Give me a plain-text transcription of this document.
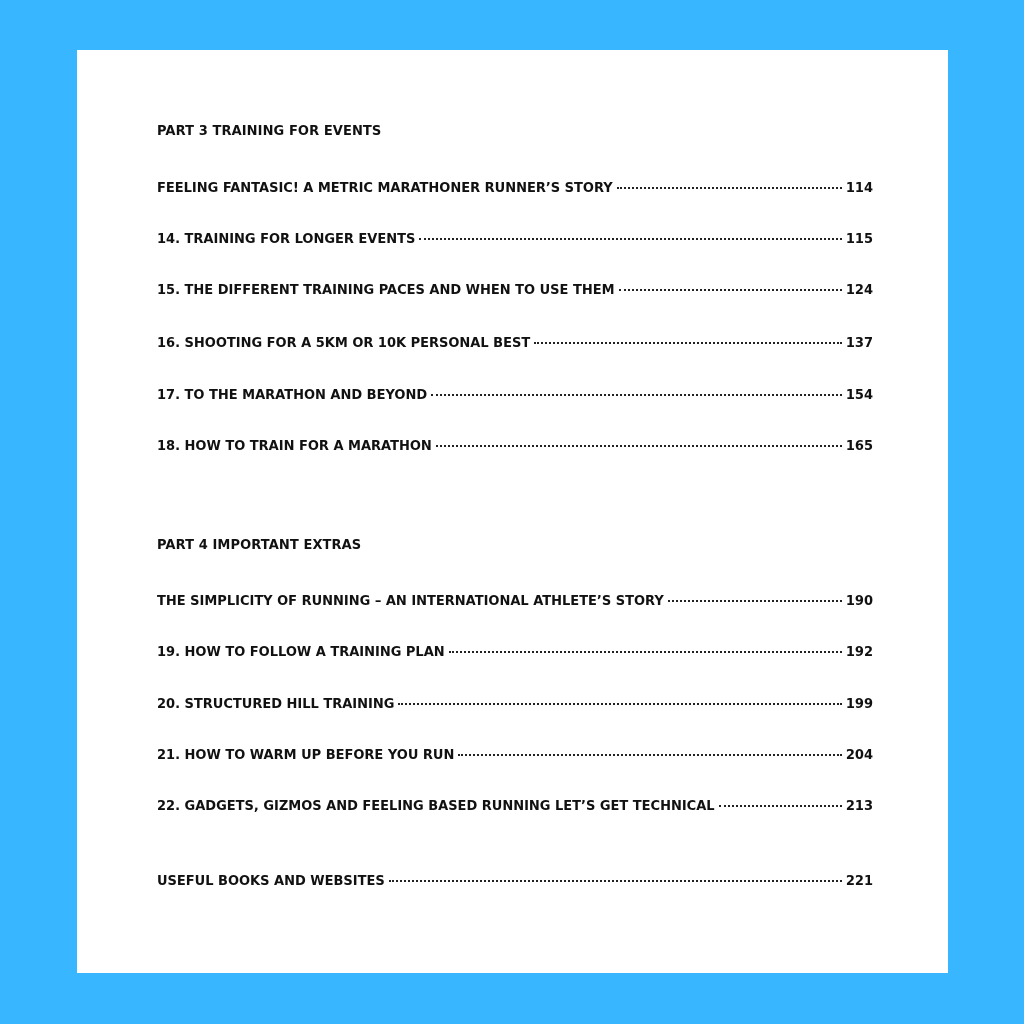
PART 3 TRAINING FOR EVENTS
FEELING FANTASIC! A METRIC MARATHONER RUNNER’S STORY	114
14. TRAINING FOR LONGER EVENTS	115
15. THE DIFFERENT TRAINING PACES AND WHEN TO USE THEM	124
16. SHOOTING FOR A 5KM OR 10K PERSONAL BEST	137
17. TO THE MARATHON AND BEYOND	154
18. HOW TO TRAIN FOR A MARATHON	165
PART 4 IMPORTANT EXTRAS
THE SIMPLICITY OF RUNNING – AN INTERNATIONAL ATHLETE’S STORY	190
19. HOW TO FOLLOW A TRAINING PLAN	192
20. STRUCTURED HILL TRAINING	199
21. HOW TO WARM UP BEFORE YOU RUN	204
22. GADGETS, GIZMOS AND FEELING BASED RUNNING LET’S GET TECHNICAL	213
USEFUL BOOKS AND WEBSITES	221
